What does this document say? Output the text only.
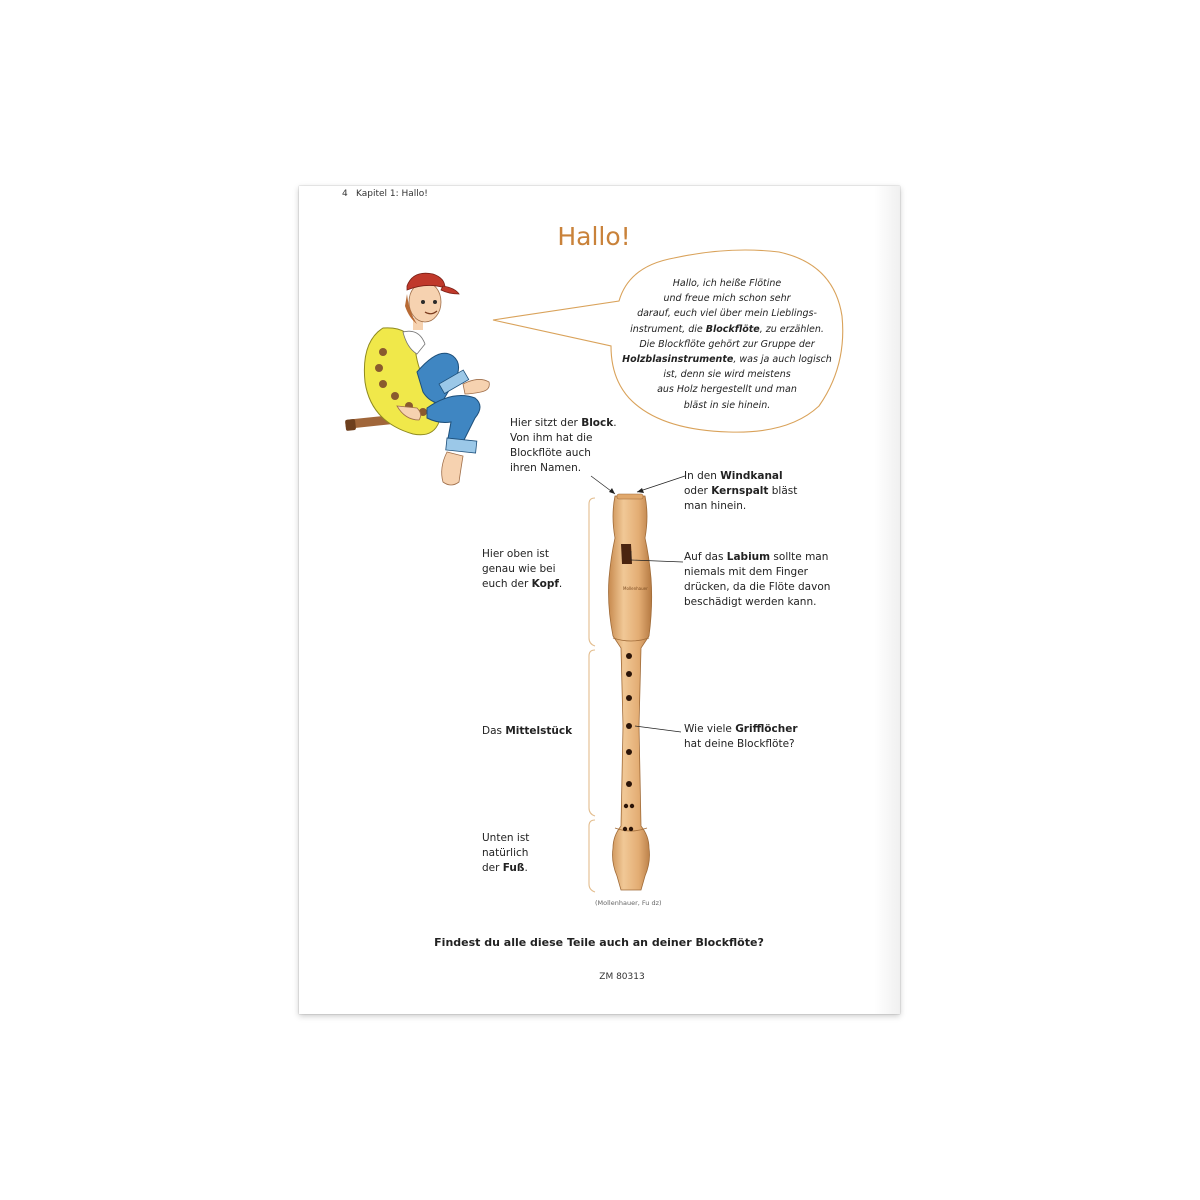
4 Kapitel 1: Hallo!
Hallo!
Hallo, ich heiße Flötine
und freue mich schon sehr
darauf, euch viel über mein Lieblings-
instrument, die Blockflöte, zu erzählen.
Die Blockflöte gehört zur Gruppe der
Holzblasinstrumente, was ja auch logisch
ist, denn sie wird meistens
aus Holz hergestellt und man
bläst in sie hinein.
Mollenhauer
Hier sitzt der Block.
Von ihm hat die
Blockflöte auch
ihren Namen.
In den Windkanal
oder Kernspalt bläst
man hinein.
Hier oben ist
genau wie bei
euch der Kopf.
Auf das Labium sollte man
niemals mit dem Finger
drücken, da die Flöte davon
beschädigt werden kann.
Das Mittelstück	Wie viele Grifflöcher
hat deine Blockflöte?
Unten ist
natürlich
der Fuß.
(Mollenhauer, Fu dz)
Findest du alle diese Teile auch an deiner Blockflöte?
ZM 80313
